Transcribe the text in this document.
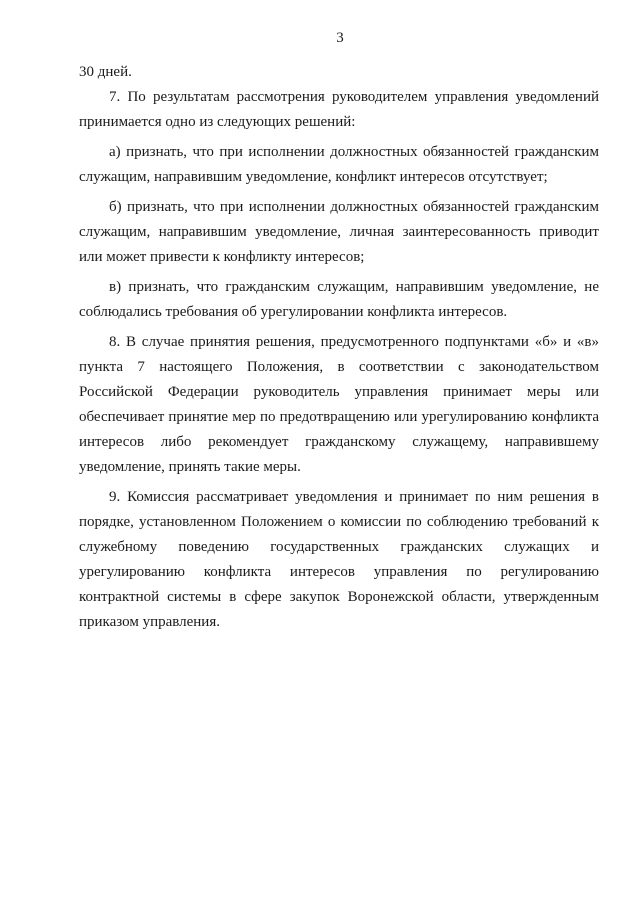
3

30 дней.

7. По результатам рассмотрения руководителем управления уведомлений принимается одно из следующих решений:

а) признать, что при исполнении должностных обязанностей гражданским служащим, направившим уведомление, конфликт интересов отсутствует;

б) признать, что при исполнении должностных обязанностей гражданским служащим, направившим уведомление, личная заинтересованность приводит или может привести к конфликту интересов;

в) признать, что гражданским служащим, направившим уведомление, не соблюдались требования об урегулировании конфликта интересов.

8. В случае принятия решения, предусмотренного подпунктами «б» и «в» пункта 7 настоящего Положения, в соответствии с законодательством Российской Федерации руководитель управления принимает меры или обеспечивает принятие мер по предотвращению или урегулированию конфликта интересов либо рекомендует гражданскому служащему, направившему уведомление, принять такие меры.

9. Комиссия рассматривает уведомления и принимает по ним решения в порядке, установленном Положением о комиссии по соблюдению требований к служебному поведению государственных гражданских служащих и урегулированию конфликта интересов управления по регулированию контрактной системы в сфере закупок Воронежской области, утвержденным приказом управления.
